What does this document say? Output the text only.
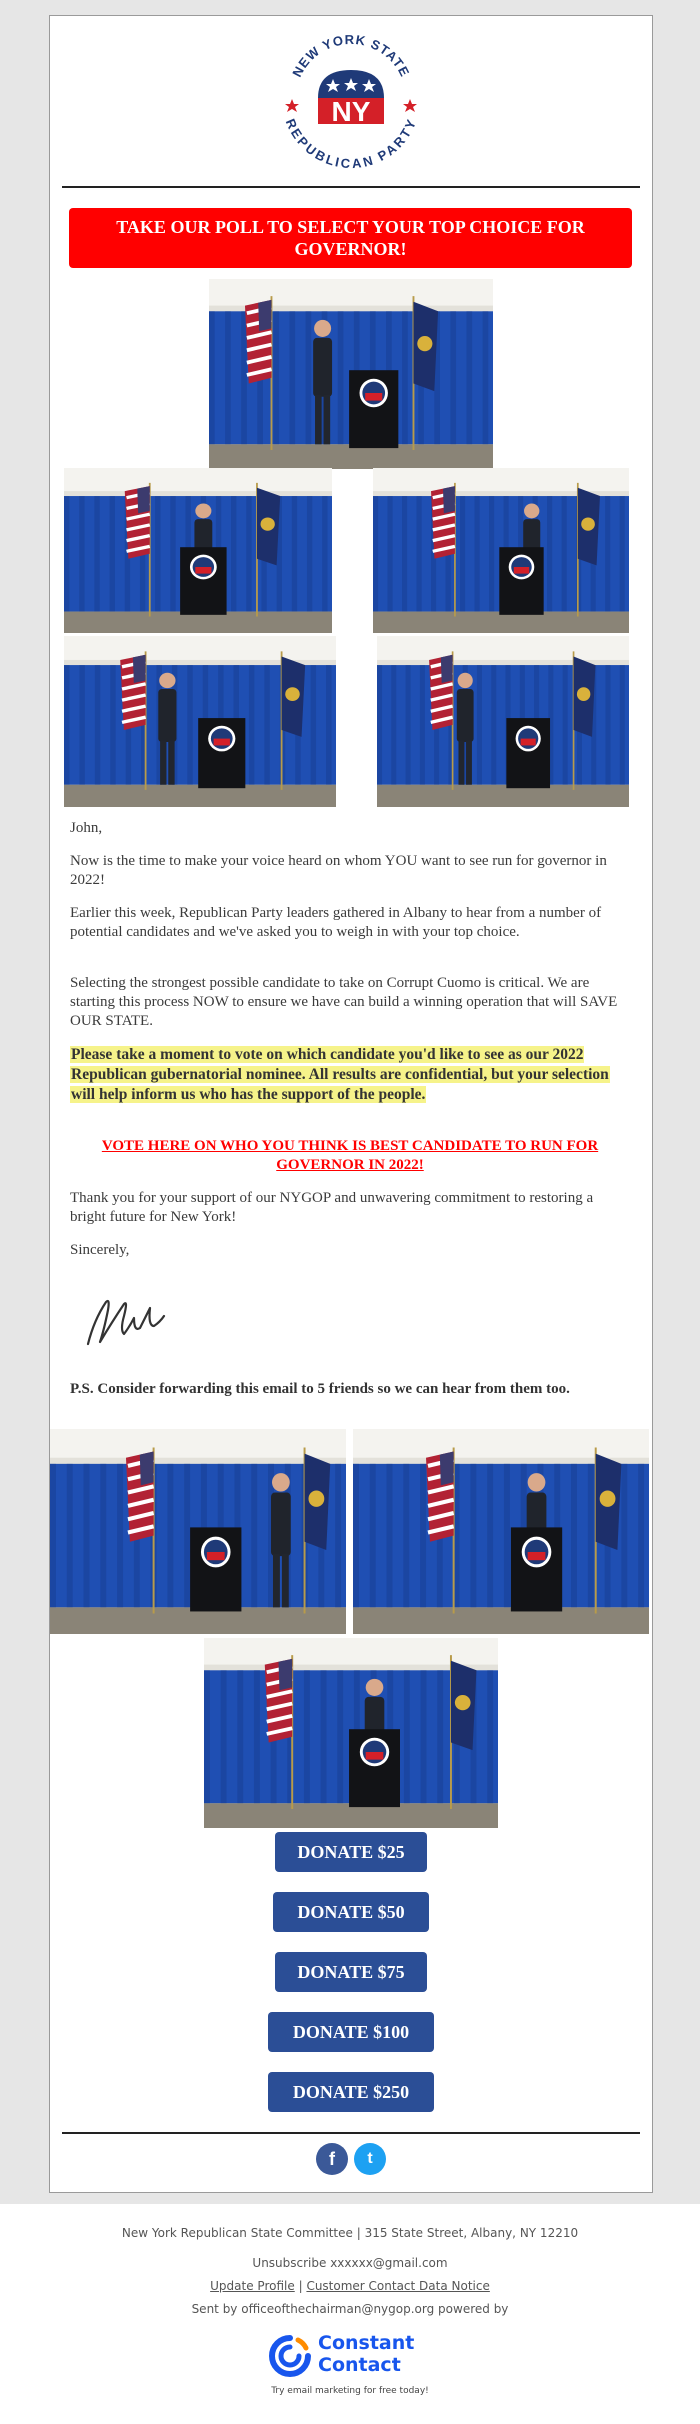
NEW YORK STATE
REPUBLICAN PARTY
NY
TAKE OUR POLL TO SELECT YOUR TOP CHOICE FOR GOVERNOR!

John,

Now is the time to make your voice heard on whom YOU want to see run for governor in 2022!

Earlier this week, Republican Party leaders gathered in Albany to hear from a number of potential candidates and we've asked you to weigh in with your top choice.

Selecting the strongest possible candidate to take on Corrupt Cuomo is critical. We are starting this process NOW to ensure we have can build a winning operation that will SAVE OUR STATE.

Please take a moment to vote on which candidate you'd like to see as our 2022 Republican gubernatorial nominee. All results are confidential, but your selection will help inform us who has the support of the people.

VOTE HERE ON WHO YOU THINK IS BEST CANDIDATE TO RUN FOR GOVERNOR IN 2022!

Thank you for your support of our NYGOP and unwavering commitment to restoring a bright future for New York!

Sincerely,

P.S. Consider forwarding this email to 5 friends so we can hear from them too.

DONATE $25
DONATE $50
DONATE $75
DONATE $100
DONATE $250
f	t
New York Republican State Committee | 315 State Street, Albany, NY 12210
Unsubscribe xxxxxx@gmail.com
Update Profile | Customer Contact Data Notice
Sent by officeofthechairman@nygop.org powered by
Constant
Contact
Try email marketing for free today!
